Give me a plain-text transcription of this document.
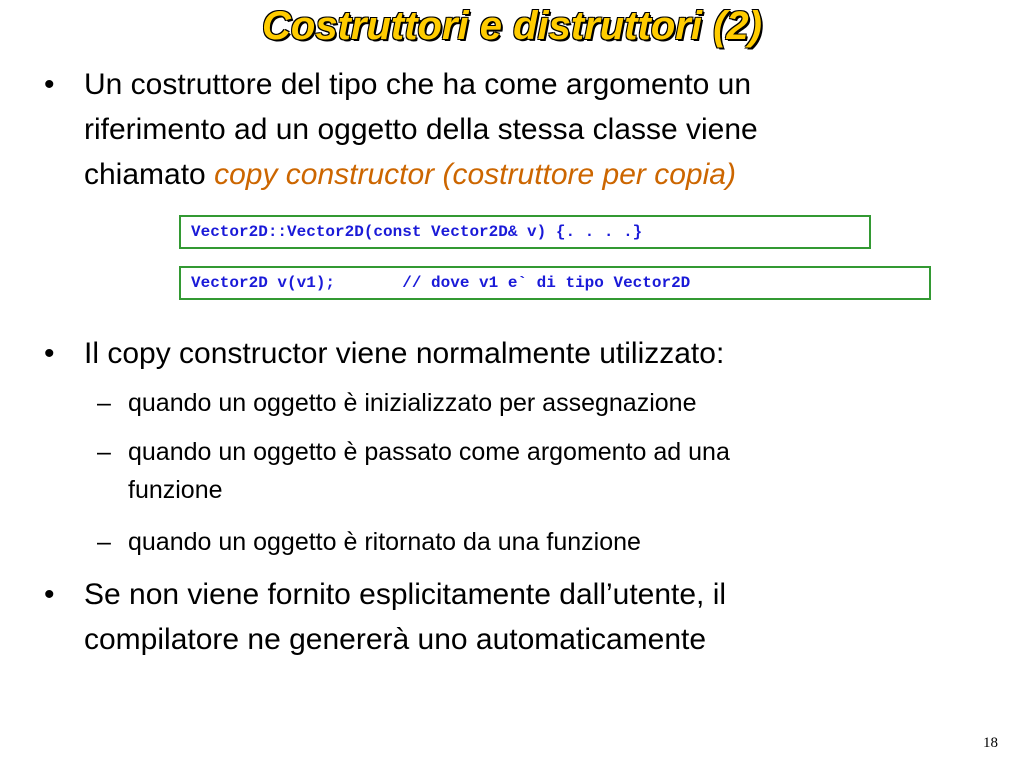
Costruttori e distruttori (2)
• Un costruttore del tipo che ha come argomento un
riferimento ad un oggetto della stessa classe viene
chiamato copy constructor (costruttore per copia)
Vector2D::Vector2D(const Vector2D& v) {. . . .}
Vector2D v(v1);       // dove v1 e` di tipo Vector2D
• Il copy constructor viene normalmente utilizzato:
– quando un oggetto è inizializzato per assegnazione
– quando un oggetto è passato come argomento ad una
funzione
– quando un oggetto è ritornato da una funzione
• Se non viene fornito esplicitamente dall’utente, il
compilatore ne genererà uno automaticamente
18
